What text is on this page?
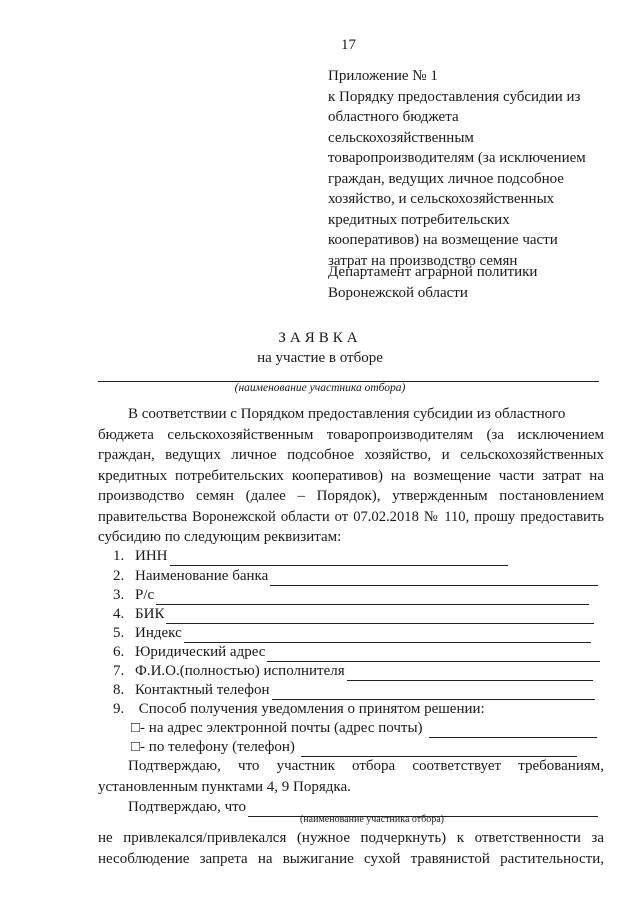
17
Приложение № 1
к Порядку предоставления субсидии из
областного бюджета
сельскохозяйственным
товаропроизводителям (за исключением
граждан, ведущих личное подсобное
хозяйство, и сельскохозяйственных
кредитных потребительских
кооперативов) на возмещение части
затрат на производство семян
Департамент аграрной политики
Воронежской области
ЗАЯВКА
на участие в отборе
(наименование участника отбора)
В соответствии с Порядком предоставления субсидии из областного
бюджета сельскохозяйственным товаропроизводителям (за исключением
граждан, ведущих личное подсобное хозяйство, и сельскохозяйственных
кредитных потребительских кооперативов) на возмещение части затрат на
производство семян (далее – Порядок), утвержденным постановлением
правительства Воронежской области от 07.02.2018 № 110, прошу предоставить
субсидию по следующим реквизитам:
1. ИНН
2. Наименование банка
3. Р/с
4. БИК
5. Индекс
6. Юридический адрес
7. Ф.И.О.(полностью) исполнителя
8. Контактный телефон
9. Способ получения уведомления о принятом решении:
□- на адрес электронной почты (адрес почты)
□- по телефону (телефон)
Подтверждаю, что участник отбора соответствует требованиям,
установленным пунктами 4, 9 Порядка.
Подтверждаю, что
(наименование участника отбора)
не привлекался/привлекался (нужное подчеркнуть) к ответственности за
несоблюдение запрета на выжигание сухой травянистой растительности,
